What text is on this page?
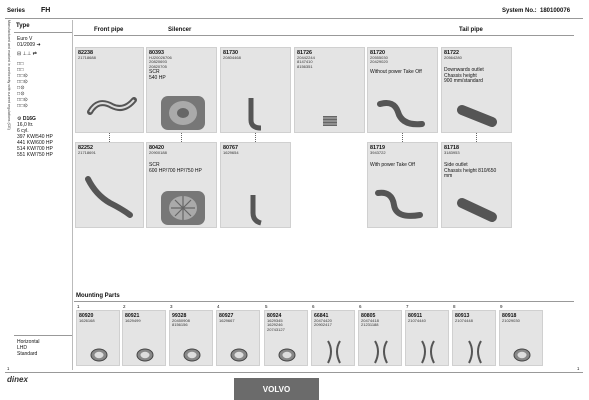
Series FH	System No.: 180100076
Manufactured and marked in conformity with current regulations (CE) Type
Euro V
01/2009 ➜
⊟ ⊥⊥ ⇄
□□
□□
□□⊙
□□⊙
□⊙
□⊙
□□⊙
□□⊙
⚙ D16G
16,0 ltr.
6 cyl.
397 KW/540 HP
441 KW/600 HP
514 KW/700 HP
551 KW/750 HP
Horizontal
LHD
Standard
Front pipe	Silencer	Tail pipe
82238
21718688
80393
HJ20026706
20820693
20820705
SCR
540 HP
81730
20804468
81726
20442244
8147410
8156351
81720
20555030
20429020
Without power Take Off
81722
20564280
Downwards outlet
Chassis height
900 mm/standard
82252
21718691
80420
20900188
SCR
600 HP/700 HP/750 HP
80767
1629654
81719
3943722
With power Take Off
81718
3183953
Side outlet
Chassis height 810/650
mm
Mounting Parts
1
80920
1626168
2
80921
1629499
3
99328
20450908
8156156
4
80927
1629667
5
80924
1629345
1629246
20743127
6
66841
20474420
20902417
6
80805
20474418
21231188
7
80911
21074440
8
80913
21074448
9
80918
21029030
dinex
VOLVO
1	1
